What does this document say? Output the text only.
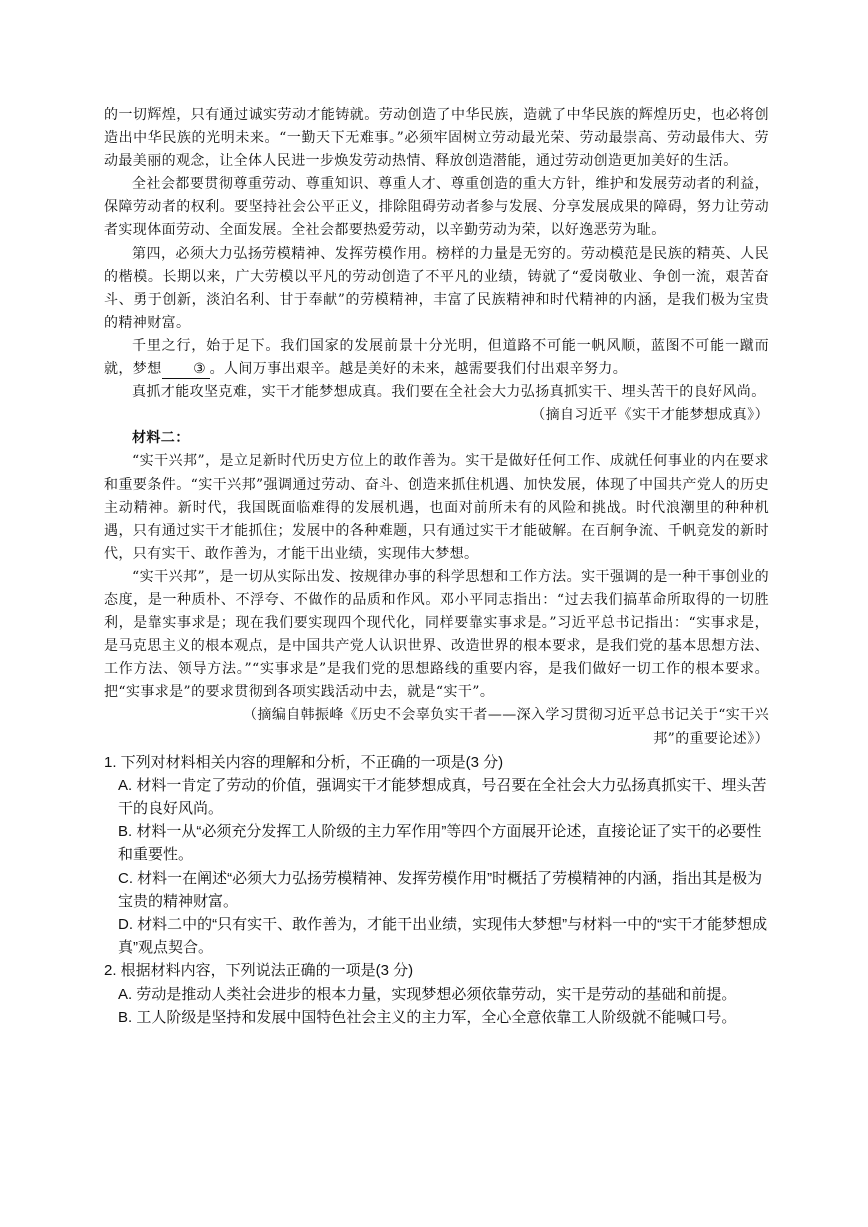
的一切辉煌，只有通过诚实劳动才能铸就。劳动创造了中华民族，造就了中华民族的辉煌历史，也必将创造出中华民族的光明未来。“一勤天下无难事。”必须牢固树立劳动最光荣、劳动最崇高、劳动最伟大、劳动最美丽的观念，让全体人民进一步焕发劳动热情、释放创造潜能，通过劳动创造更加美好的生活。

全社会都要贯彻尊重劳动、尊重知识、尊重人才、尊重创造的重大方针，维护和发展劳动者的利益，保障劳动者的权利。要坚持社会公平正义，排除阻碍劳动者参与发展、分享发展成果的障碍，努力让劳动者实现体面劳动、全面发展。全社会都要热爱劳动，以辛勤劳动为荣，以好逸恶劳为耻。

第四，必须大力弘扬劳模精神、发挥劳模作用。榜样的力量是无穷的。劳动模范是民族的精英、人民的楷模。长期以来，广大劳模以平凡的劳动创造了不平凡的业绩，铸就了“爱岗敬业、争创一流，艰苦奋斗、勇于创新，淡泊名利、甘于奉献”的劳模精神，丰富了民族精神和时代精神的内涵，是我们极为宝贵的精神财富。

千里之行，始于足下。我们国家的发展前景十分光明，但道路不可能一帆风顺，蓝图不可能一蹴而就，梦想 ③ 。人间万事出艰辛。越是美好的未来，越需要我们付出艰辛努力。

真抓才能攻坚克难，实干才能梦想成真。我们要在全社会大力弘扬真抓实干、埋头苦干的良好风尚。

（摘自习近平《实干才能梦想成真》）

材料二：

“实干兴邦”，是立足新时代历史方位上的敢作善为。实干是做好任何工作、成就任何事业的内在要求和重要条件。“实干兴邦”强调通过劳动、奋斗、创造来抓住机遇、加快发展，体现了中国共产党人的历史主动精神。新时代，我国既面临难得的发展机遇，也面对前所未有的风险和挑战。时代浪潮里的种种机遇，只有通过实干才能抓住；发展中的各种难题，只有通过实干才能破解。在百舸争流、千帆竞发的新时代，只有实干、敢作善为，才能干出业绩，实现伟大梦想。

“实干兴邦”，是一切从实际出发、按规律办事的科学思想和工作方法。实干强调的是一种干事创业的态度，是一种质朴、不浮夸、不做作的品质和作风。邓小平同志指出：“过去我们搞革命所取得的一切胜利，是靠实事求是；现在我们要实现四个现代化，同样要靠实事求是。”习近平总书记指出：“实事求是，是马克思主义的根本观点，是中国共产党人认识世界、改造世界的根本要求，是我们党的基本思想方法、工作方法、领导方法。”“实事求是”是我们党的思想路线的重要内容，是我们做好一切工作的根本要求。把“实事求是”的要求贯彻到各项实践活动中去，就是“实干”。

（摘编自韩振峰《历史不会辜负实干者——深入学习贯彻习近平总书记关于“实干兴

邦”的重要论述》）

1. 下列对材料相关内容的理解和分析，不正确的一项是(3 分)

A. 材料一肯定了劳动的价值，强调实干才能梦想成真，号召要在全社会大力弘扬真抓实干、埋头苦干的良好风尚。

B. 材料一从“必须充分发挥工人阶级的主力军作用”等四个方面展开论述，直接论证了实干的必要性和重要性。

C. 材料一在阐述“必须大力弘扬劳模精神、发挥劳模作用”时概括了劳模精神的内涵，指出其是极为宝贵的精神财富。

D. 材料二中的“只有实干、敢作善为，才能干出业绩，实现伟大梦想”与材料一中的“实干才能梦想成真”观点契合。

2. 根据材料内容，下列说法正确的一项是(3 分)

A. 劳动是推动人类社会进步的根本力量，实现梦想必须依靠劳动，实干是劳动的基础和前提。

B. 工人阶级是坚持和发展中国特色社会主义的主力军，全心全意依靠工人阶级就不能喊口号。
